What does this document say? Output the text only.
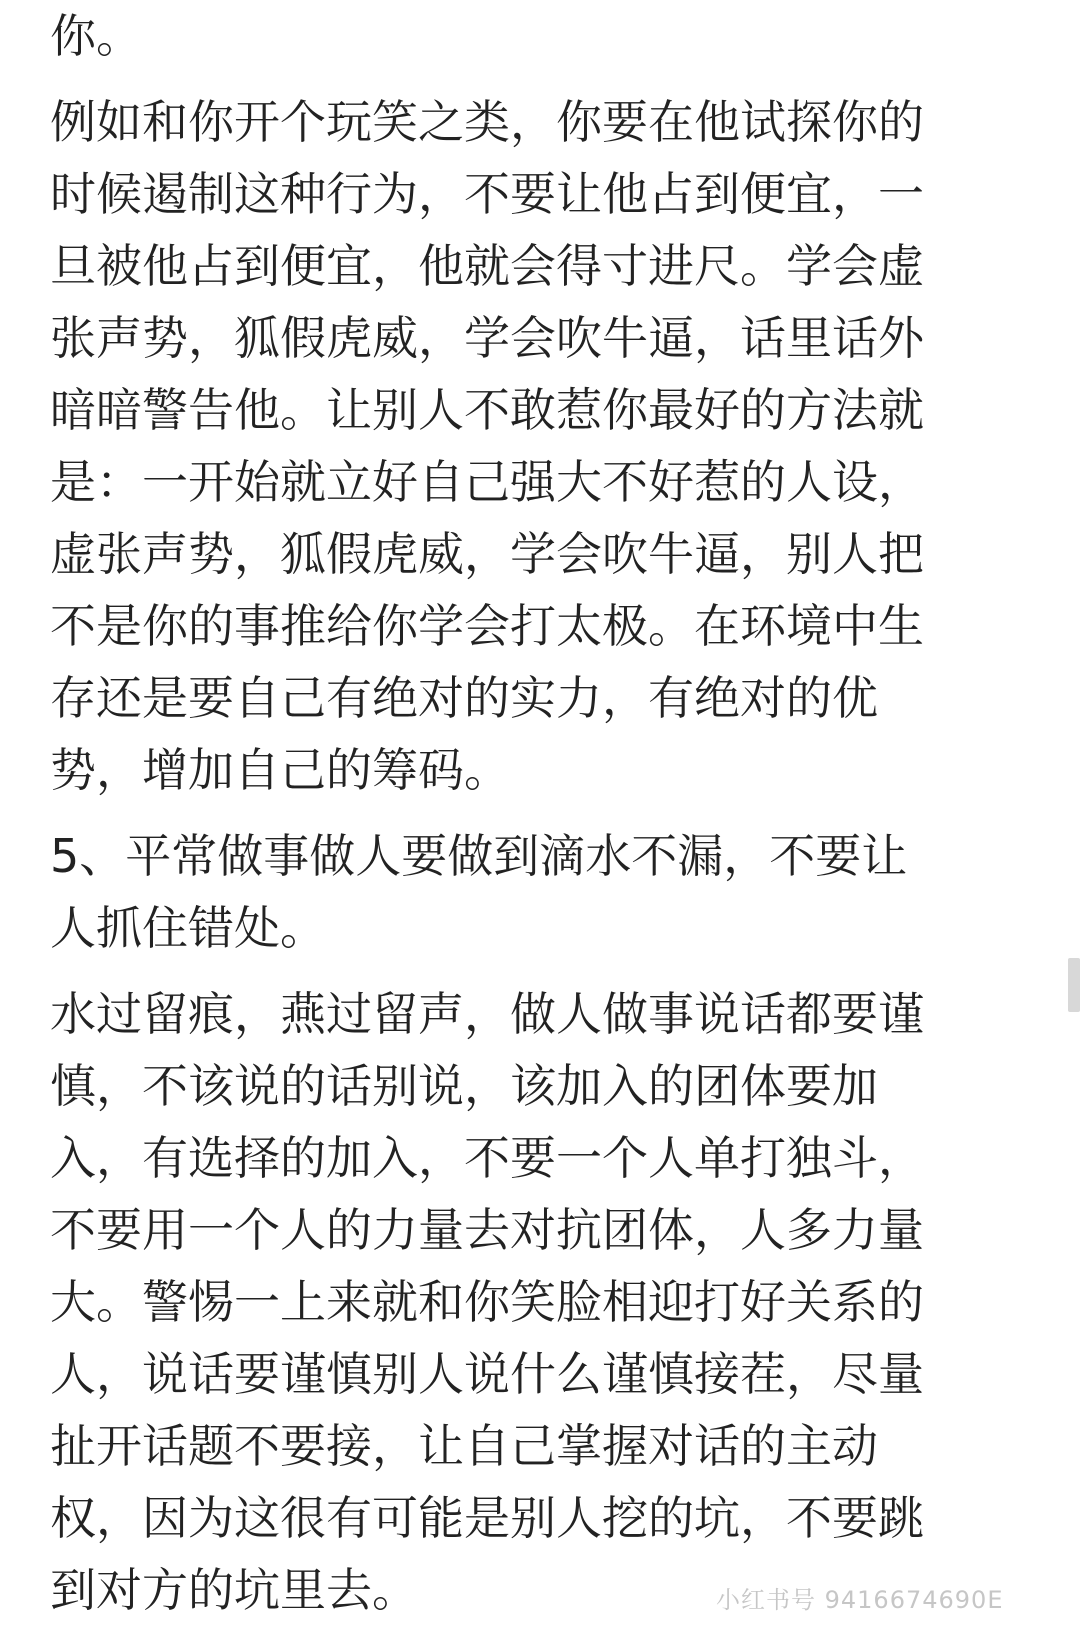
你。
例如和你开个玩笑之类，你要在他试探你的
时候遏制这种行为，不要让他占到便宜，一
旦被他占到便宜，他就会得寸进尺。学会虚
张声势，狐假虎威，学会吹牛逼，话里话外
暗暗警告他。让别人不敢惹你最好的方法就
是：一开始就立好自己强大不好惹的人设，
虚张声势，狐假虎威，学会吹牛逼，别人把
不是你的事推给你学会打太极。在环境中生
存还是要自己有绝对的实力，有绝对的优
势，增加自己的筹码。
5、平常做事做人要做到滴水不漏，不要让
人抓住错处。
水过留痕，燕过留声，做人做事说话都要谨
慎，不该说的话别说，该加入的团体要加
入，有选择的加入，不要一个人单打独斗，
不要用一个人的力量去对抗团体，人多力量
大。警惕一上来就和你笑脸相迎打好关系的
人，说话要谨慎别人说什么谨慎接茬，尽量
扯开话题不要接，让自己掌握对话的主动
权，因为这很有可能是别人挖的坑，不要跳
到对方的坑里去。	小红书号 9416674690E
